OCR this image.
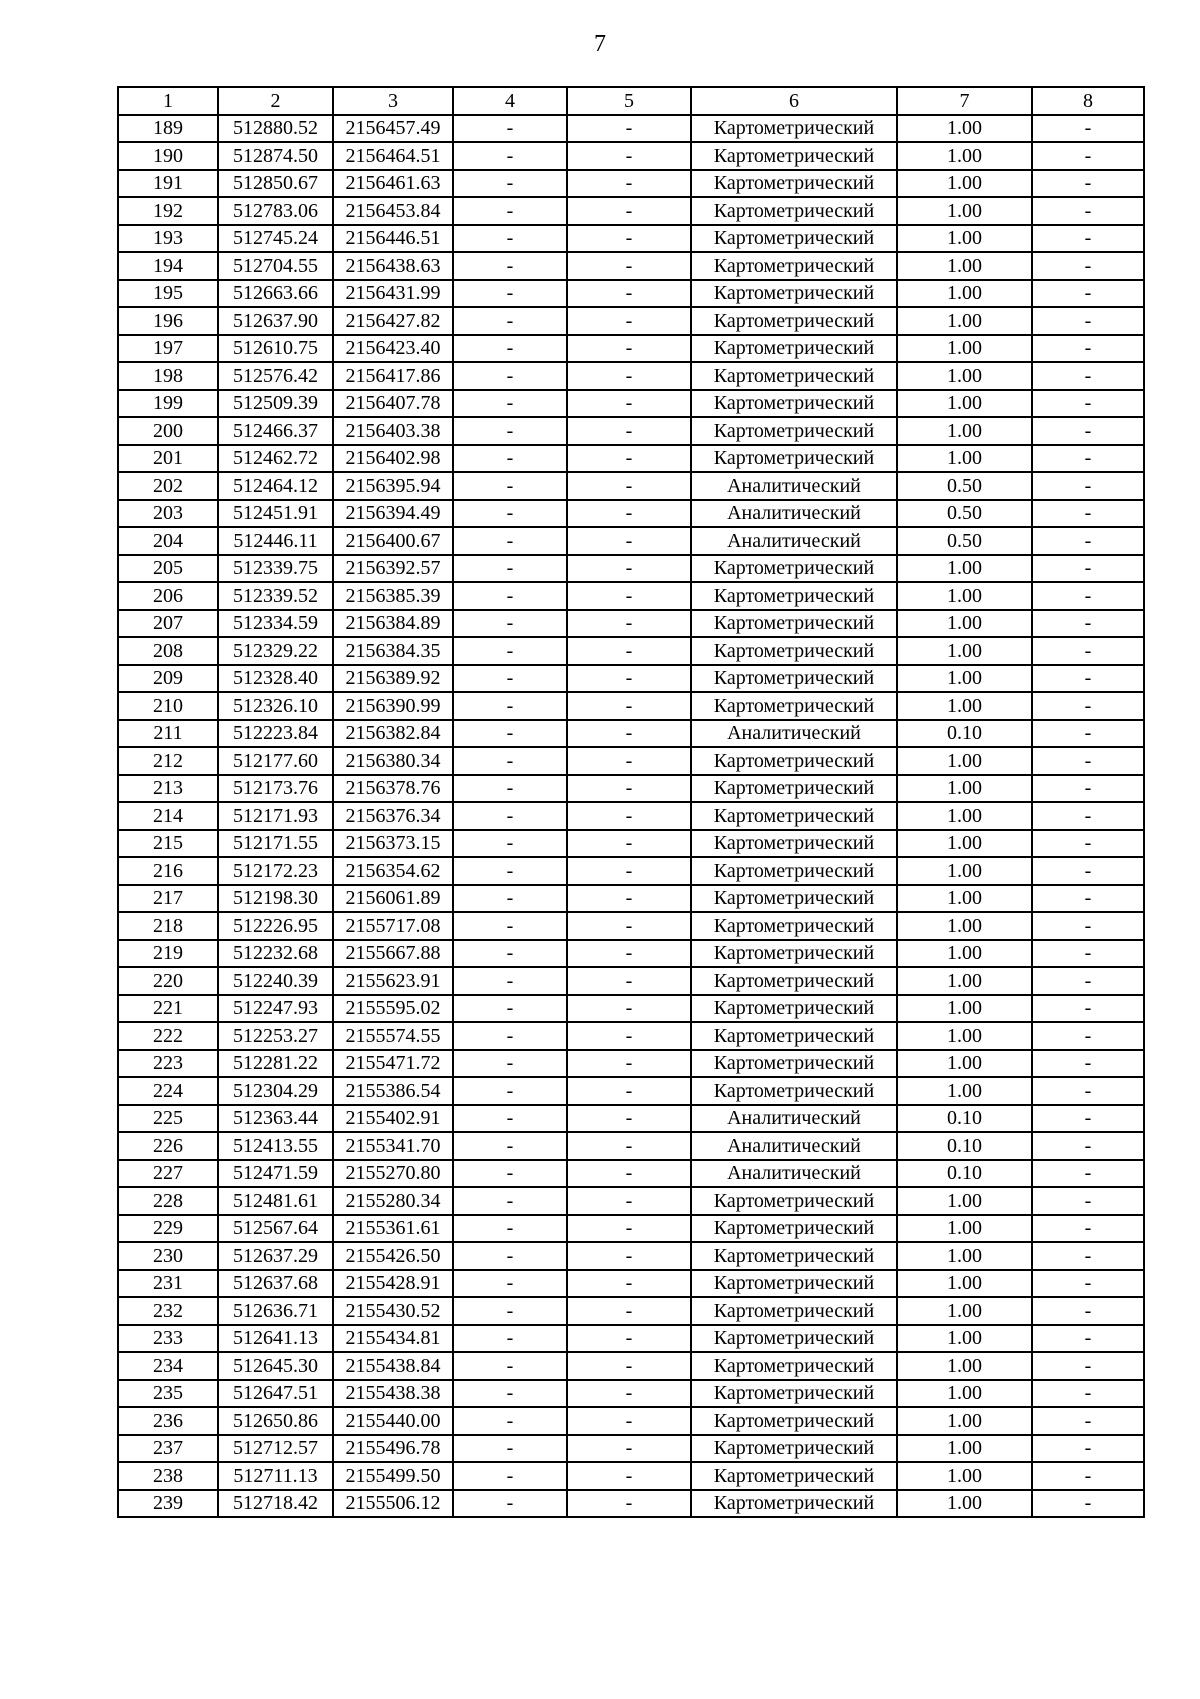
7
1	2	3	4	5	6	7	8
189	512880.52	2156457.49	-	-	Картометрический	1.00	-
190	512874.50	2156464.51	-	-	Картометрический	1.00	-
191	512850.67	2156461.63	-	-	Картометрический	1.00	-
192	512783.06	2156453.84	-	-	Картометрический	1.00	-
193	512745.24	2156446.51	-	-	Картометрический	1.00	-
194	512704.55	2156438.63	-	-	Картометрический	1.00	-
195	512663.66	2156431.99	-	-	Картометрический	1.00	-
196	512637.90	2156427.82	-	-	Картометрический	1.00	-
197	512610.75	2156423.40	-	-	Картометрический	1.00	-
198	512576.42	2156417.86	-	-	Картометрический	1.00	-
199	512509.39	2156407.78	-	-	Картометрический	1.00	-
200	512466.37	2156403.38	-	-	Картометрический	1.00	-
201	512462.72	2156402.98	-	-	Картометрический	1.00	-
202	512464.12	2156395.94	-	-	Аналитический	0.50	-
203	512451.91	2156394.49	-	-	Аналитический	0.50	-
204	512446.11	2156400.67	-	-	Аналитический	0.50	-
205	512339.75	2156392.57	-	-	Картометрический	1.00	-
206	512339.52	2156385.39	-	-	Картометрический	1.00	-
207	512334.59	2156384.89	-	-	Картометрический	1.00	-
208	512329.22	2156384.35	-	-	Картометрический	1.00	-
209	512328.40	2156389.92	-	-	Картометрический	1.00	-
210	512326.10	2156390.99	-	-	Картометрический	1.00	-
211	512223.84	2156382.84	-	-	Аналитический	0.10	-
212	512177.60	2156380.34	-	-	Картометрический	1.00	-
213	512173.76	2156378.76	-	-	Картометрический	1.00	-
214	512171.93	2156376.34	-	-	Картометрический	1.00	-
215	512171.55	2156373.15	-	-	Картометрический	1.00	-
216	512172.23	2156354.62	-	-	Картометрический	1.00	-
217	512198.30	2156061.89	-	-	Картометрический	1.00	-
218	512226.95	2155717.08	-	-	Картометрический	1.00	-
219	512232.68	2155667.88	-	-	Картометрический	1.00	-
220	512240.39	2155623.91	-	-	Картометрический	1.00	-
221	512247.93	2155595.02	-	-	Картометрический	1.00	-
222	512253.27	2155574.55	-	-	Картометрический	1.00	-
223	512281.22	2155471.72	-	-	Картометрический	1.00	-
224	512304.29	2155386.54	-	-	Картометрический	1.00	-
225	512363.44	2155402.91	-	-	Аналитический	0.10	-
226	512413.55	2155341.70	-	-	Аналитический	0.10	-
227	512471.59	2155270.80	-	-	Аналитический	0.10	-
228	512481.61	2155280.34	-	-	Картометрический	1.00	-
229	512567.64	2155361.61	-	-	Картометрический	1.00	-
230	512637.29	2155426.50	-	-	Картометрический	1.00	-
231	512637.68	2155428.91	-	-	Картометрический	1.00	-
232	512636.71	2155430.52	-	-	Картометрический	1.00	-
233	512641.13	2155434.81	-	-	Картометрический	1.00	-
234	512645.30	2155438.84	-	-	Картометрический	1.00	-
235	512647.51	2155438.38	-	-	Картометрический	1.00	-
236	512650.86	2155440.00	-	-	Картометрический	1.00	-
237	512712.57	2155496.78	-	-	Картометрический	1.00	-
238	512711.13	2155499.50	-	-	Картометрический	1.00	-
239	512718.42	2155506.12	-	-	Картометрический	1.00	-
